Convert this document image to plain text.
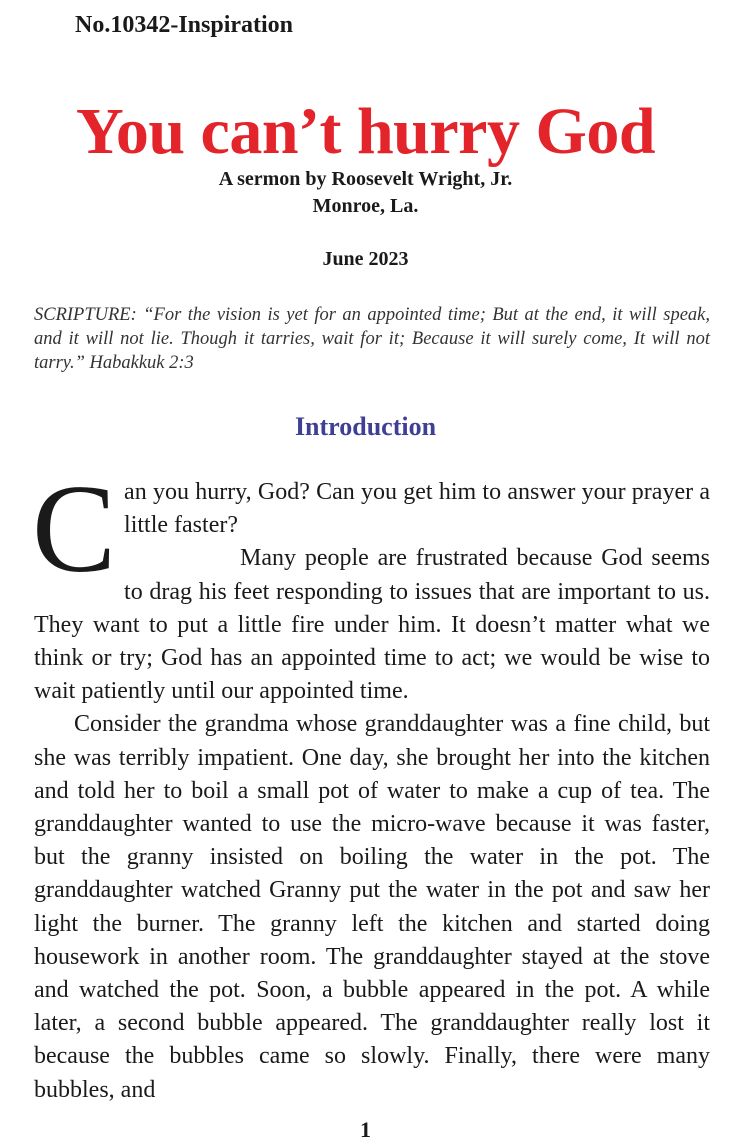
No.10342-Inspiration
You can’t hurry God
A sermon by Roosevelt Wright, Jr.
Monroe, La.
June 2023
SCRIPTURE: “For the vision is yet for an appointed time; But at the end, it will speak, and it will not lie. Though it tarries, wait for it; Because it will surely come, It will not tarry.” Habakkuk 2:3
Introduction

Can you hurry, God? Can you get him to answer your prayer a little faster?
Many people are frustrated because God seems to drag his feet responding to issues that are important to us. They want to put a little fire under him. It doesn’t matter what we think or try; God has an appointed time to act; we would be wise to wait patiently until our appointed time.

Consider the grandma whose granddaughter was a fine child, but she was terribly impatient. One day, she brought her into the kitchen and told her to boil a small pot of water to make a cup of tea. The granddaughter wanted to use the micro-wave because it was faster, but the granny insisted on boiling the water in the pot. The granddaughter watched Granny put the water in the pot and saw her light the burner. The granny left the kitchen and started doing housework in another room. The granddaughter stayed at the stove and watched the pot. Soon, a bubble appeared in the pot. A while later, a second bubble appeared. The granddaughter really lost it because the bubbles came so slowly. Finally, there were many bubbles, and

1
